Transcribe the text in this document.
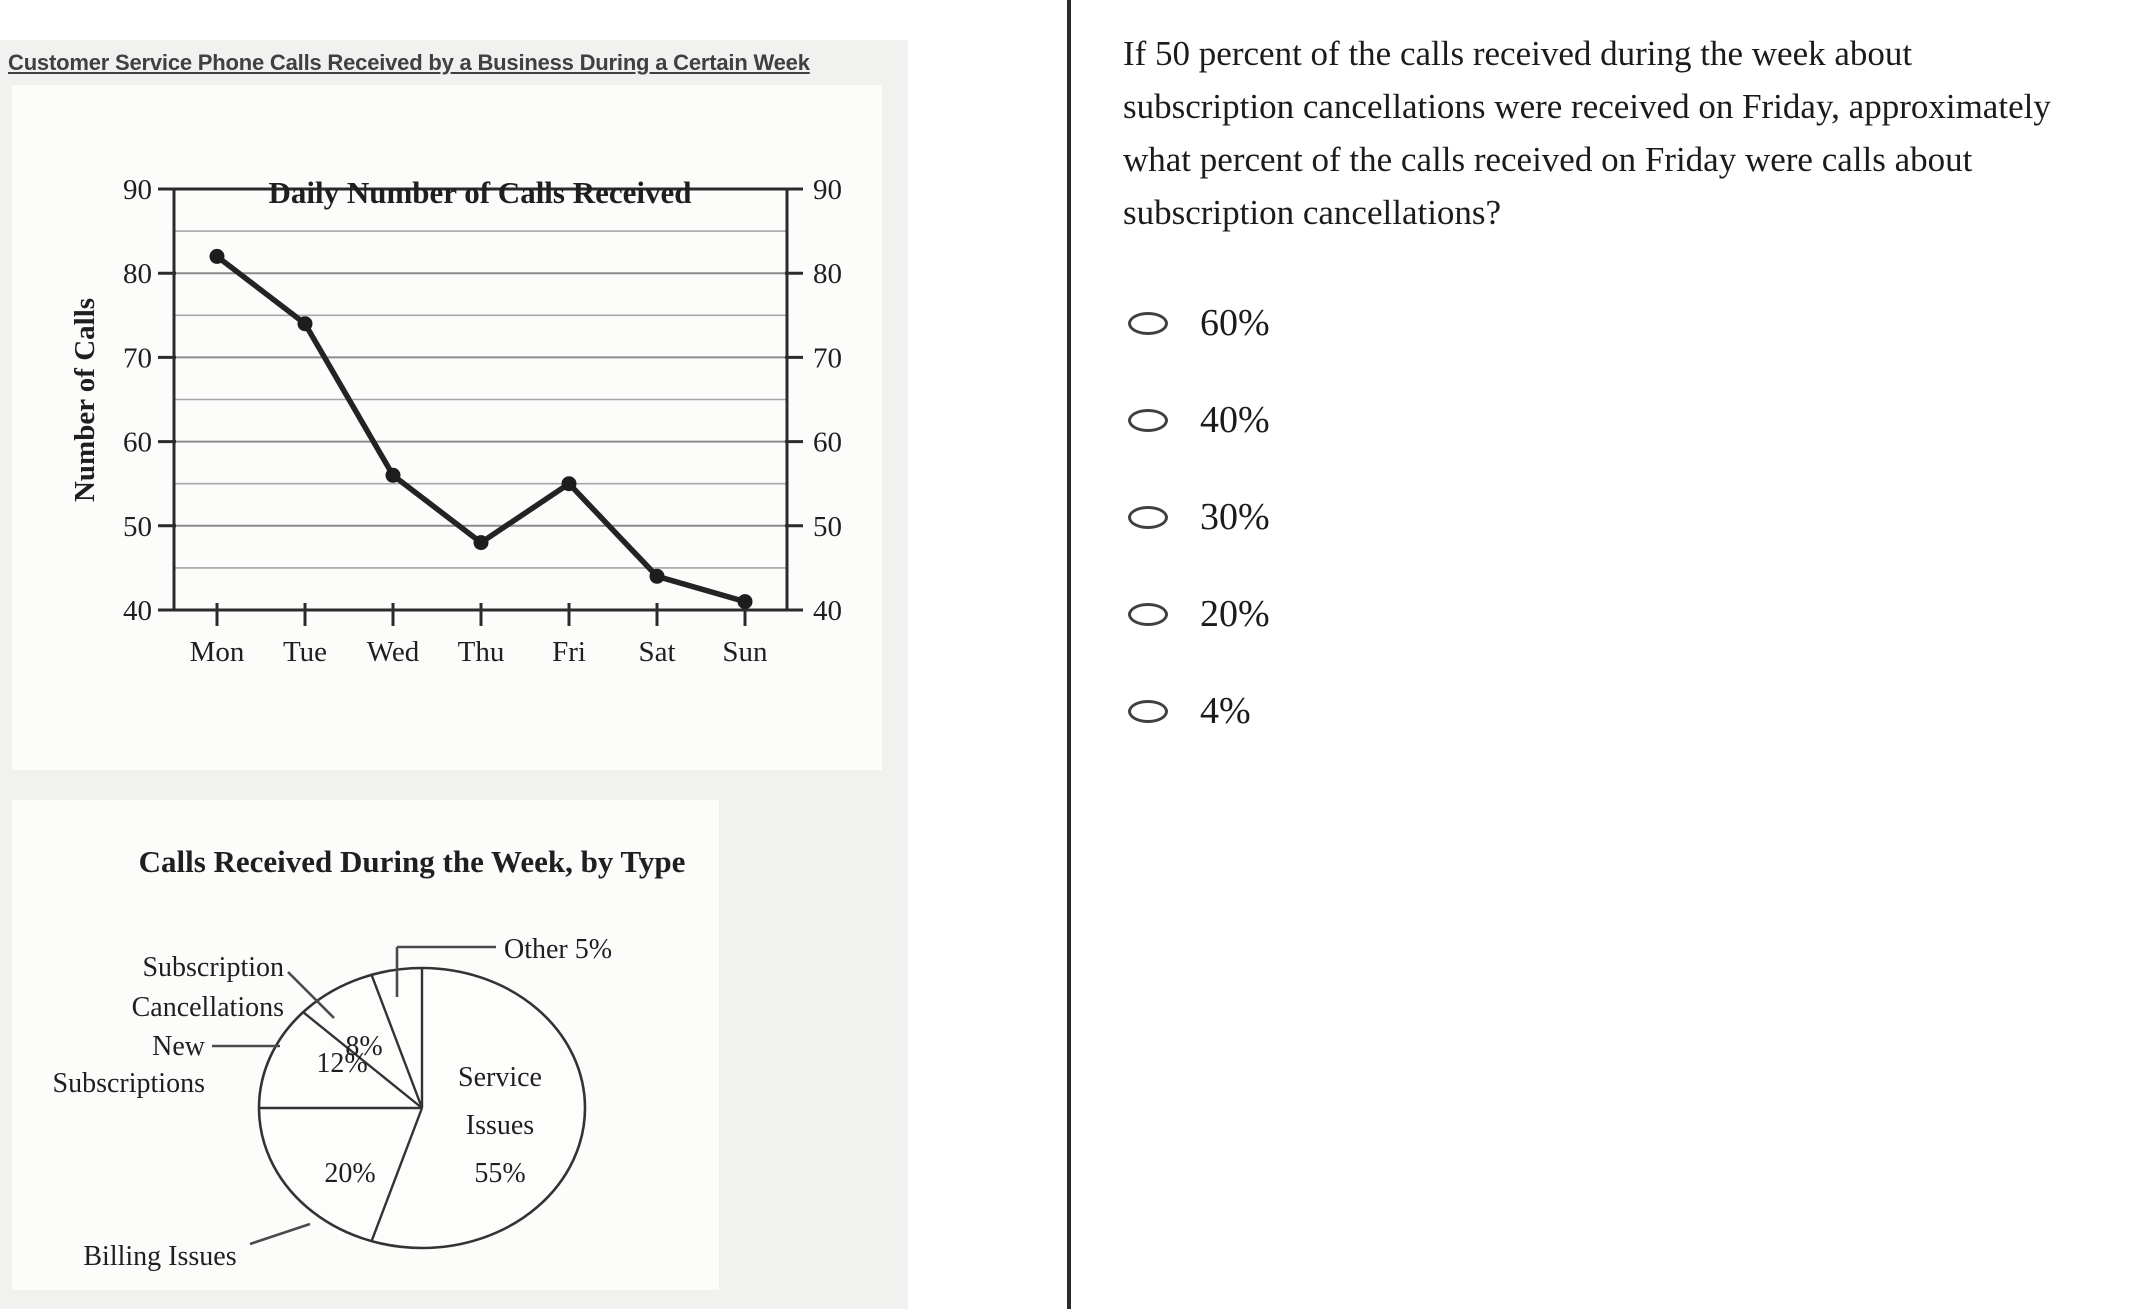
Customer Service Phone Calls Received by a Business During a Certain Week
40	40
50	50
60	60
70	70
80	80
90	90
Mon Tue Wed Thu Fri Sat Sun
Daily Number of Calls Received
Number of Calls
Calls Received During the Week, by Type
Service
Issues
55%
Billing Issues
20%
New
Subscriptions
12%
Subscription
Cancellations
8%
Other 5%
If 50 percent of the calls received during the week about
subscription cancellations were received on Friday, approximately
what percent of the calls received on Friday were calls about
subscription cancellations?
60%
40%
30%
20%
4%
